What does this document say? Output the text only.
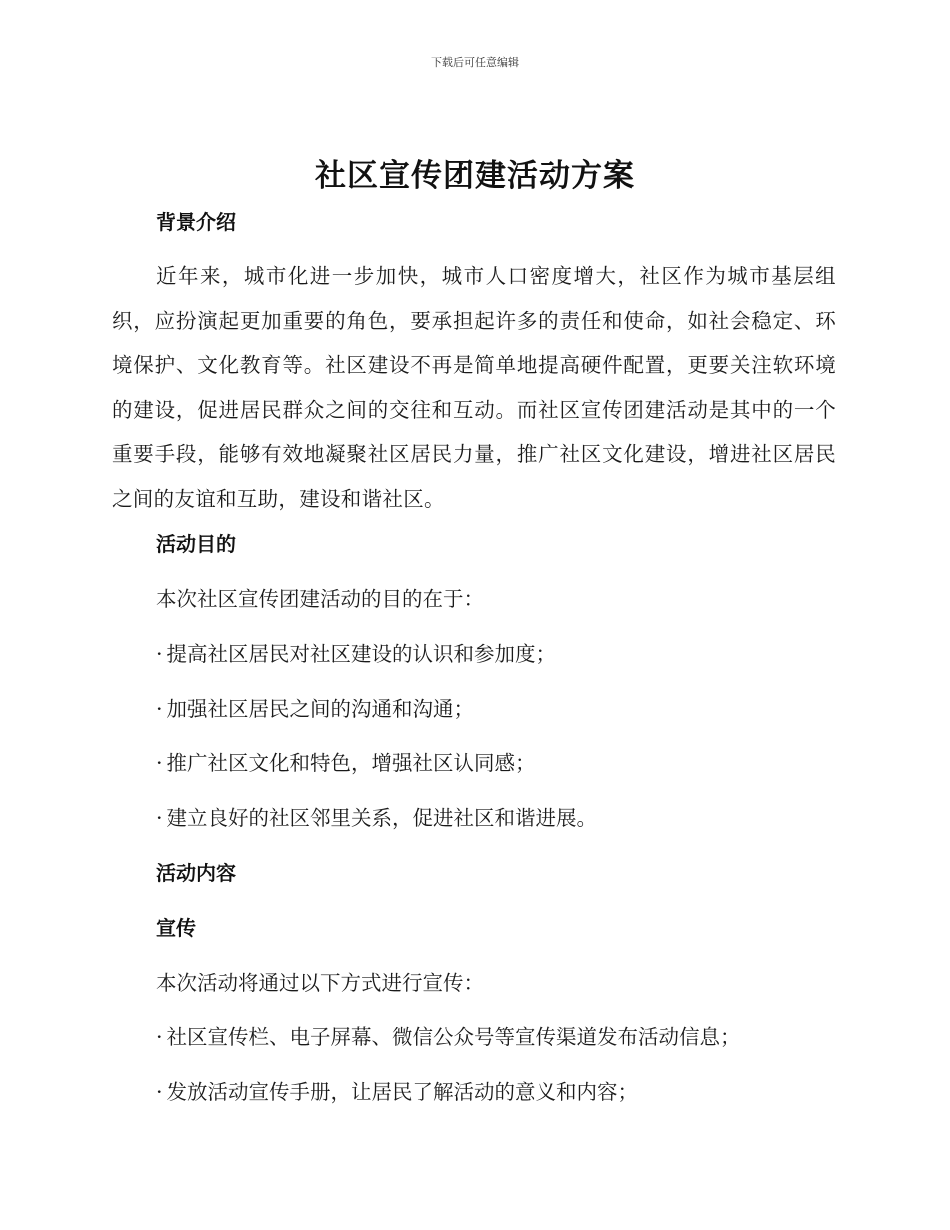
下载后可任意编辑
社区宣传团建活动方案
背景介绍
近年来，城市化进一步加快，城市人口密度增大，社区作为城市基层组织，应扮演起更加重要的角色，要承担起许多的责任和使命，如社会稳定、环境保护、文化教育等。社区建设不再是简单地提高硬件配置，更要关注软环境的建设，促进居民群众之间的交往和互动。而社区宣传团建活动是其中的一个重要手段，能够有效地凝聚社区居民力量，推广社区文化建设，增进社区居民之间的友谊和互助，建设和谐社区。
活动目的
本次社区宣传团建活动的目的在于：
· 提高社区居民对社区建设的认识和参加度；
· 加强社区居民之间的沟通和沟通；
· 推广社区文化和特色，增强社区认同感；
· 建立良好的社区邻里关系，促进社区和谐进展。
活动内容
宣传
本次活动将通过以下方式进行宣传：
· 社区宣传栏、电子屏幕、微信公众号等宣传渠道发布活动信息；
· 发放活动宣传手册，让居民了解活动的意义和内容；
